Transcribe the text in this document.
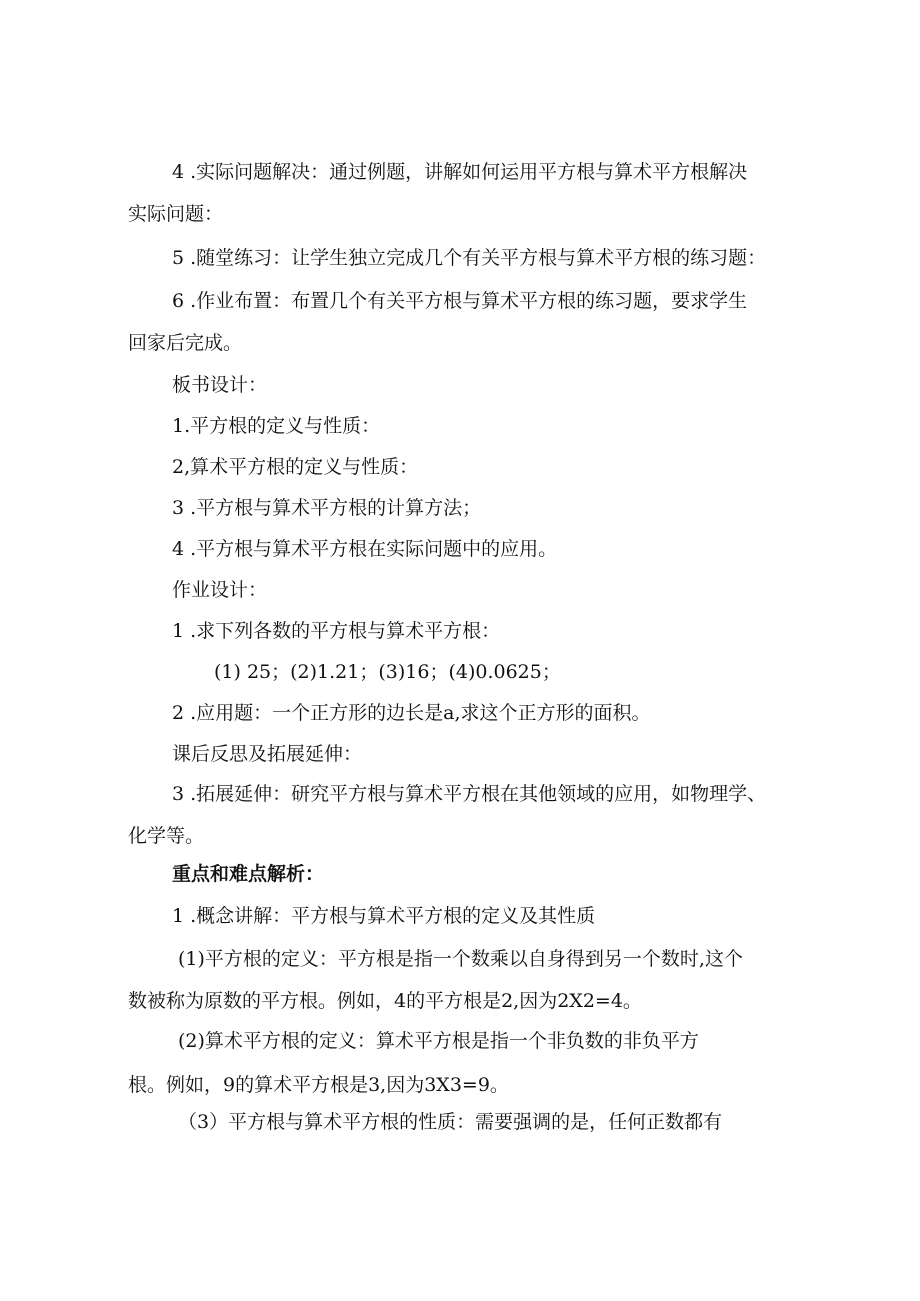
4 .实际问题解决：通过例题，讲解如何运用平方根与算术平方根解决
实际问题：
5 .随堂练习：让学生独立完成几个有关平方根与算术平方根的练习题：
6 .作业布置：布置几个有关平方根与算术平方根的练习题，要求学生
回家后完成。
板书设计：
1.平方根的定义与性质：
2,算术平方根的定义与性质：
3 .平方根与算术平方根的计算方法；
4 .平方根与算术平方根在实际问题中的应用。
作业设计：
1 .求下列各数的平方根与算术平方根：
(1) 25；(2)1.21；(3)16；(4)0.0625；
2 .应用题：一个正方形的边长是a,求这个正方形的面积。
课后反思及拓展延伸：
3 .拓展延伸：研究平方根与算术平方根在其他领域的应用，如物理学、
化学等。
重点和难点解析：
1 .概念讲解：平方根与算术平方根的定义及其性质
(1)平方根的定义：平方根是指一个数乘以自身得到另一个数时,这个
数被称为原数的平方根。例如，4的平方根是2,因为2X2=4。
(2)算术平方根的定义：算术平方根是指一个非负数的非负平方
根。例如，9的算术平方根是3,因为3X3=9。
（3）平方根与算术平方根的性质：需要强调的是，任何正数都有
